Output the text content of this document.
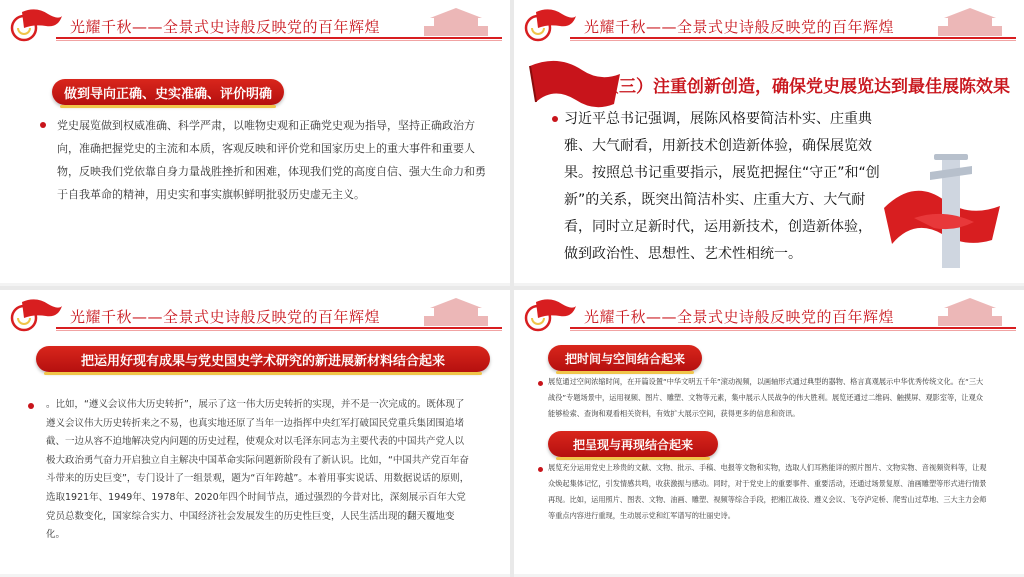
光耀千秋——全景式史诗般反映党的百年辉煌
做到导向正确、史实准确、评价明确
党史展览做到权威准确、科学严肃，以唯物史观和正确党史观为指导，坚持正确政治方向，准确把握党史的主流和本质，客观反映和评价党和国家历史上的重大事件和重要人物，反映我们党依靠自身力量战胜挫折和困难，体现我们党的高度自信、强大生命力和勇于自我革命的精神，用史实和事实旗帜鲜明批驳历史虚无主义。
光耀千秋——全景式史诗般反映党的百年辉煌
（三）注重创新创造，确保党史展览达到最佳展陈效果
习近平总书记强调，展陈风格要简洁朴实、庄重典雅、大气耐看，用新技术创造新体验，确保展览效果。按照总书记重要指示，展览把握住“守正”和“创新”的关系，既突出简洁朴实、庄重大方、大气耐看，同时立足新时代，运用新技术，创造新体验，做到政治性、思想性、艺术性相统一。
光耀千秋——全景式史诗般反映党的百年辉煌
把运用好现有成果与党史国史学术研究的新进展新材料结合起来
。比如，“遵义会议伟大历史转折”，展示了这一伟大历史转折的实现，并不是一次完成的。既体现了遵义会议伟大历史转折来之不易，也真实地还原了当年一边指挥中央红军打破国民党重兵集团围追堵截、一边从容不迫地解决党内问题的历史过程，使观众对以毛泽东同志为主要代表的中国共产党人以极大政治勇气奋力开启独立自主解决中国革命实际问题新阶段有了新认识。比如，“中国共产党百年奋斗带来的历史巨变”，专门设计了一组景观，题为“百年跨越”。本着用事实说话、用数据说话的原则，选取1921年、1949年、1978年、2020年四个时间节点，通过强烈的今昔对比，深刻展示百年大党党员总数变化，国家综合实力、中国经济社会发展发生的历史性巨变，人民生活出现的翻天覆地变化。
光耀千秋——全景式史诗般反映党的百年辉煌
把时间与空间结合起来
展览通过空间浓缩时间，在开篇设置“中华文明五千年”滚动视频，以画轴形式通过典型的器物、格言真观展示中华优秀传统文化。在“三大战役”专题场景中，运用视频、图片、雕塑、文物等元素，集中展示人民战争的伟大胜利。展览还通过二维码、触摸屏、观影室等，让观众能够检索、查询和观看相关资料，有效扩大展示空间，获得更多的信息和资讯。
把呈现与再现结合起来
展览充分运用党史上珍贵的文献、文物、批示、手稿、电报等文物和实物，选取人们耳熟能详的照片图片、文物实物、音视频资料等，让观众焕起集体记忆，引发情感共鸣，收获激振与感动。同时，对于党史上的重要事件、重要活动，还通过场景复原、油画雕塑等形式进行情景再现。比如，运用照片、图表、文物、油画、雕塑、视频等综合手段，把湘江战役、遵义会议、飞夺泸定桥、爬雪山过草地、三大主力会师等重点内容进行重现，生动展示党和红军谱写的壮丽史诗。
